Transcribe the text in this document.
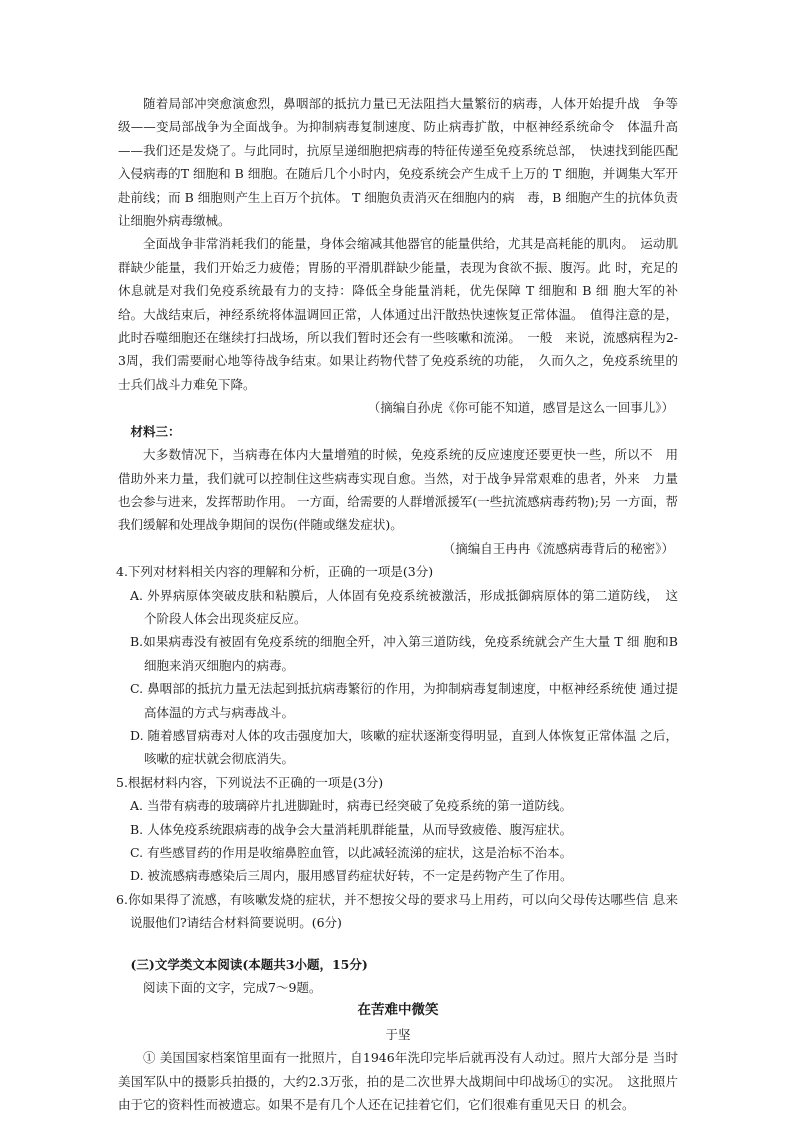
随着局部冲突愈演愈烈，鼻咽部的抵抗力量已无法阻挡大量繁衍的病毒，人体开始提升战　争等级——变局部战争为全面战争。为抑制病毒复制速度、防止病毒扩散，中枢神经系统命令　体温升高——我们还是发烧了。与此同时，抗原呈递细胞把病毒的特征传递至免疫系统总部，　快速找到能匹配入侵病毒的T 细胞和 B 细胞。在随后几个小时内，免疫系统会产生成千上万的 T 细胞，并调集大军开赴前线；而 B 细胞则产生上百万个抗体。 T 细胞负责消灭在细胞内的病　毒，B 细胞产生的抗体负责让细胞外病毒缴械。

全面战争非常消耗我们的能量，身体会缩减其他器官的能量供给，尤其是高耗能的肌肉。　运动肌群缺少能量，我们开始乏力疲倦；胃肠的平滑肌群缺少能量，表现为食欲不振、腹泻。此 时，充足的休息就是对我们免疫系统最有力的支持：降低全身能量消耗，优先保障 T 细胞和 B 细 胞大军的补给。大战结束后，神经系统将体温调回正常，人体通过出汗散热快速恢复正常体温。　值得注意的是，此时吞噬细胞还在继续打扫战场，所以我们暂时还会有一些咳嗽和流涕。　一般　来说，流感病程为2-3周，我们需要耐心地等待战争结束。如果让药物代替了免疫系统的功能，　久而久之，免疫系统里的士兵们战斗力难免下降。

（摘编自孙虎《你可能不知道，感冒是这么一回事儿》）

材料三：

大多数情况下，当病毒在体内大量增殖的时候，免疫系统的反应速度还要更快一些，所以不　用借助外来力量，我们就可以控制住这些病毒实现自愈。当然，对于战争异常艰难的患者，外来　力量也会参与进来，发挥帮助作用。 一方面，给需要的人群增派援军(一些抗流感病毒药物);另 一方面，帮我们缓解和处理战争期间的误伤(伴随或继发症状)。

（摘编自王冉冉《流感病毒背后的秘密》）

4.下列对材料相关内容的理解和分析，正确的一项是(3分)

A. 外界病原体突破皮肤和粘膜后，人体固有免疫系统被激活，形成抵御病原体的第二道防线，　这个阶段人体会出现炎症反应。

B.如果病毒没有被固有免疫系统的细胞全歼，冲入第三道防线，免疫系统就会产生大量 T 细 胞和B 细胞来消灭细胞内的病毒。

C. 鼻咽部的抵抗力量无法起到抵抗病毒繁衍的作用，为抑制病毒复制速度，中枢神经系统使 通过提高体温的方式与病毒战斗。

D. 随着感冒病毒对人体的攻击强度加大，咳嗽的症状逐渐变得明显，直到人体恢复正常体温 之后，咳嗽的症状就会彻底消失。

5.根据材料内容，下列说法不正确的一项是(3分)

A. 当带有病毒的玻璃碎片扎进脚趾时，病毒已经突破了免疫系统的第一道防线。

B. 人体免疫系统跟病毒的战争会大量消耗肌群能量，从而导致疲倦、腹泻症状。

C. 有些感冒药的作用是收缩鼻腔血管，以此减轻流涕的症状，这是治标不治本。

D. 被流感病毒感染后三周内，服用感冒药症状好转，不一定是药物产生了作用。

6.你如果得了流感，有咳嗽发烧的症状，并不想按父母的要求马上用药，可以向父母传达哪些信 息来说服他们?请结合材料简要说明。(6分)

(三)文学类文本阅读(本题共3小题，15分)

阅读下面的文字，完成7～9题。

在苦难中微笑

于坚

① 美国国家档案馆里面有一批照片，自1946年洗印完毕后就再没有人动过。照片大部分是 当时美国军队中的摄影兵拍摄的，大约2.3万张，拍的是二次世界大战期间中印战场①的实况。　这批照片由于它的资料性而被遗忘。如果不是有几个人还在记挂着它们，它们很难有重见天日 的机会。
